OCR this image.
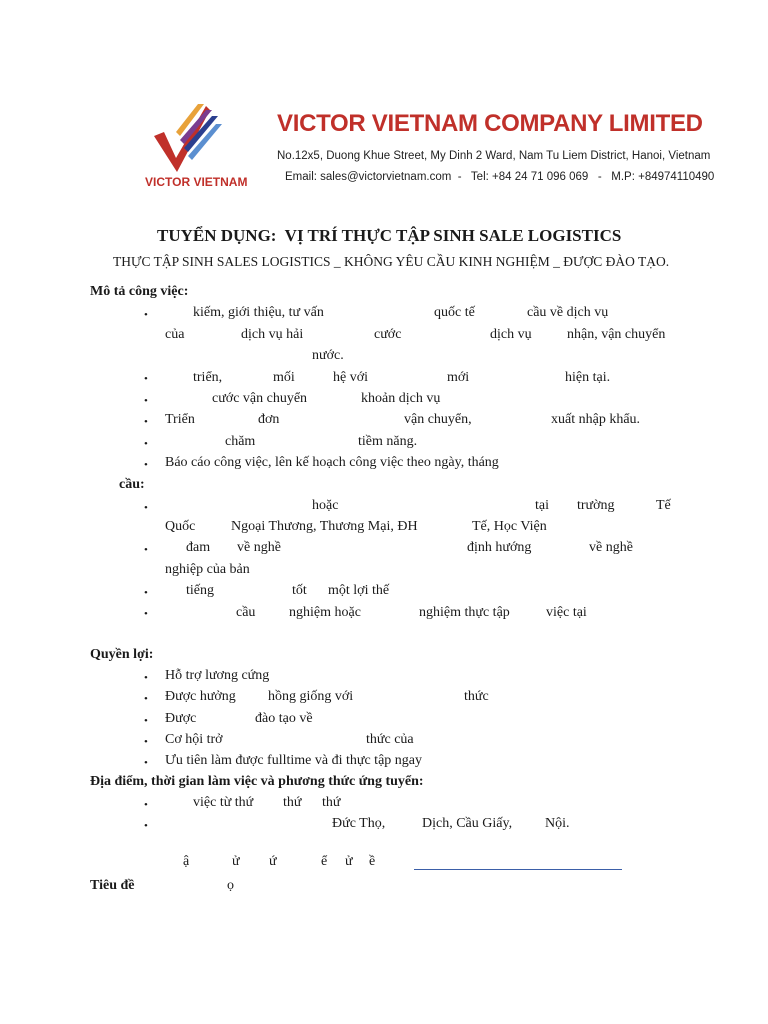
VICTOR VIETNAM
VICTOR VIETNAM COMPANY LIMITED
No.12x5, Duong Khue Street, My Dinh 2 Ward, Nam Tu Liem District, Hanoi, Vietnam
Email: sales@victorvietnam.com  -   Tel: +84 24 71 096 069   -   M.P: +84974110490
TUYỂN DỤNG:  VỊ TRÍ THỰC TẬP SINH SALE LOGISTICS
THỰC TẬP SINH SALES LOGISTICS _ KHÔNG YÊU CẦU KINH NGHIỆM _ ĐƯỢC ĐÀO TẠO.
Mô tả công việc:
•	kiếm, giới thiệu, tư vấn	quốc tế	cầu về dịch vụ
của	dịch vụ hải	cước	dịch vụ	nhận, vận chuyển
nước.
•	triển,	mối	hệ với	mới	hiện tại.
•	cước vận chuyển	khoản dịch vụ
• Triển	đơn	vận chuyển,	xuất nhập khẩu.
•	chăm	tiềm năng.
• Báo cáo công việc, lên kế hoạch công việc theo ngày, tháng
cầu:
•	hoặc	tại trường	Tế
Quốc	Ngoại Thương, Thương Mại, ĐH	Tế, Học Viện
•	đam về nghề	định hướng	về nghề
nghiệp của bản
•	tiếng	tốt một lợi thế
•	cầu nghiệm hoặc	nghiệm thực tập	việc tại
Quyền lợi:
• Hỗ trợ lương cứng
• Được hưởng hồng giống với	thức
• Được	đào tạo về
• Cơ hội trở	thức của
• Ưu tiên làm được fulltime và đi thực tập ngay
Địa điểm, thời gian làm việc và phương thức ứng tuyển:
•	việc từ thứ thứ thứ
•	Đức Thọ,	Dịch, Cầu Giấy, Nội.
ậ	ử ứ	ể ử ề
Tiêu đề	ọ
